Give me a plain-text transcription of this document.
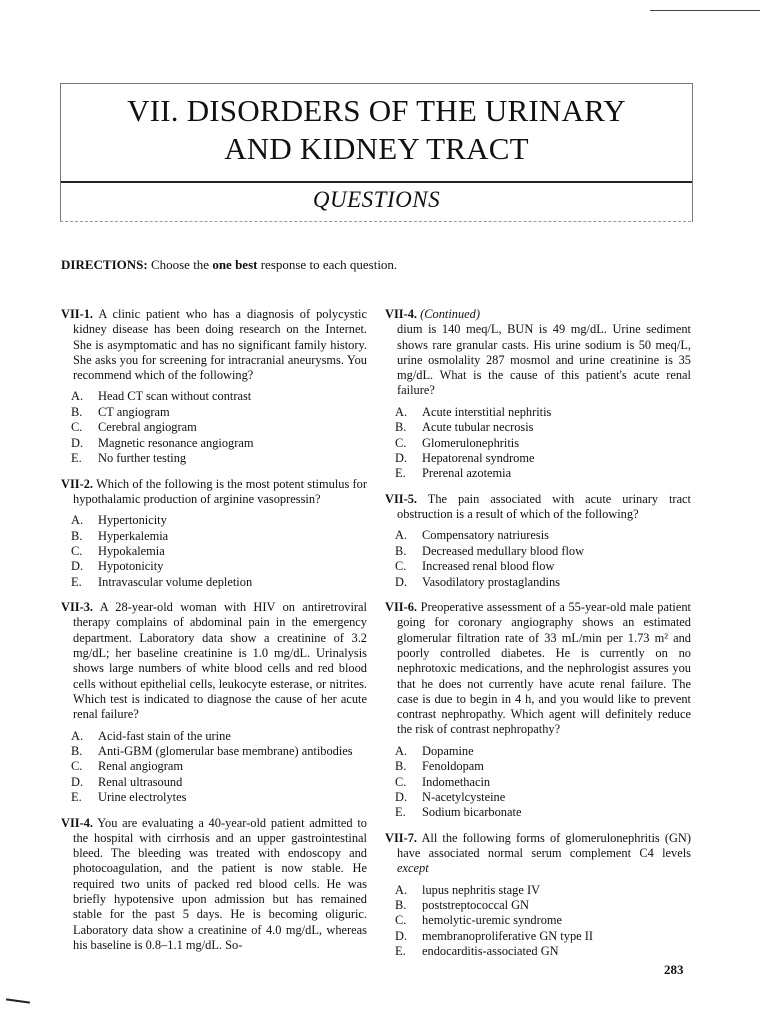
VII. DISORDERS OF THE URINARY
AND KIDNEY TRACT
QUESTIONS
DIRECTIONS: Choose the one best response to each question.
VII-1. A clinic patient who has a diagnosis of polycystic kidney disease has been doing research on the Internet. She is asymptomatic and has no significant family history. She asks you for screening for intracranial aneurysms. You recommend which of the following?
A.	Head CT scan without contrast
B.	CT angiogram
C.	Cerebral angiogram
D.	Magnetic resonance angiogram
E.	No further testing
VII-2. Which of the following is the most potent stimulus for hypothalamic production of arginine vasopressin?
A.	Hypertonicity
B.	Hyperkalemia
C.	Hypokalemia
D.	Hypotonicity
E.	Intravascular volume depletion
VII-3. A 28-year-old woman with HIV on antiretroviral therapy complains of abdominal pain in the emergency department. Laboratory data show a creatinine of 3.2 mg/dL; her baseline creatinine is 1.0 mg/dL. Urinalysis shows large numbers of white blood cells and red blood cells without epithelial cells, leukocyte esterase, or nitrites. Which test is indicated to diagnose the cause of her acute renal failure?
A.	Acid-fast stain of the urine
B.	Anti-GBM (glomerular base membrane) antibodies
C.	Renal angiogram
D.	Renal ultrasound
E.	Urine electrolytes
VII-4. You are evaluating a 40-year-old patient admitted to the hospital with cirrhosis and an upper gastrointestinal bleed. The bleeding was treated with endoscopy and photocoagulation, and the patient is now stable. He required two units of packed red blood cells. He was briefly hypotensive upon admission but has remained stable for the past 5 days. He is becoming oliguric. Laboratory data show a creatinine of 4.0 mg/dL, whereas his baseline is 0.8–1.1 mg/dL. So-
VII-4. (Continued)
dium is 140 meq/L, BUN is 49 mg/dL. Urine sediment shows rare granular casts. His urine sodium is 50 meq/L, urine osmolality 287 mosmol and urine creatinine is 35 mg/dL. What is the cause of this patient's acute renal failure?
A.	Acute interstitial nephritis
B.	Acute tubular necrosis
C.	Glomerulonephritis
D.	Hepatorenal syndrome
E.	Prerenal azotemia
VII-5. The pain associated with acute urinary tract obstruction is a result of which of the following?
A.	Compensatory natriuresis
B.	Decreased medullary blood flow
C.	Increased renal blood flow
D.	Vasodilatory prostaglandins
VII-6. Preoperative assessment of a 55-year-old male patient going for coronary angiography shows an estimated glomerular filtration rate of 33 mL/min per 1.73 m² and poorly controlled diabetes. He is currently on no nephrotoxic medications, and the nephrologist assures you that he does not currently have acute renal failure. The case is due to begin in 4 h, and you would like to prevent contrast nephropathy. Which agent will definitely reduce the risk of contrast nephropathy?
A.	Dopamine
B.	Fenoldopam
C.	Indomethacin
D.	N-acetylcysteine
E.	Sodium bicarbonate
VII-7. All the following forms of glomerulonephritis (GN) have associated normal serum complement C4 levels except
A.	lupus nephritis stage IV
B.	poststreptococcal GN
C.	hemolytic-uremic syndrome
D.	membranoproliferative GN type II
E.	endocarditis-associated GN
283
